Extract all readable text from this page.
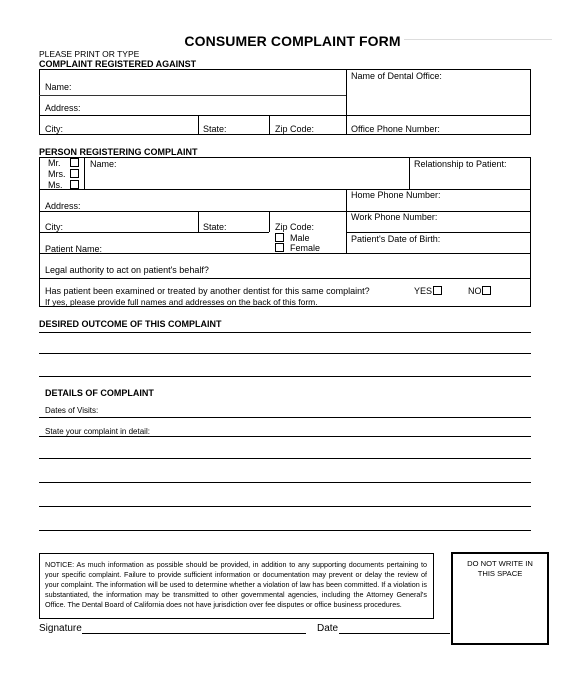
CONSUMER COMPLAINT FORM
PLEASE PRINT OR TYPE
COMPLAINT REGISTERED AGAINST
Name:
Address:
City:	State:	Zip Code:
Name of Dental Office:
Office Phone Number:
PERSON REGISTERING COMPLAINT
Mr.
Mrs.
Ms.
Name:	Relationship to Patient:
Home Phone Number:
Address:
Work Phone Number:
City:	State:	Zip Code:
Patient Name:
Male
Female
Patient's Date of Birth:
Legal authority to act on patient's behalf?
Has patient been examined or treated by another dentist for this same complaint?
If yes, please provide full names and addresses on the back of this form.
YES	NO
DESIRED OUTCOME OF THIS COMPLAINT
DETAILS OF COMPLAINT
Dates of Visits:
State your complaint in detail:
NOTICE: As much information as possible should be provided, in addition to any supporting documents pertaining to your specific complaint. Failure to provide sufficient information or documentation may prevent or delay the review of your complaint. The information will be used to determine whether a violation of law has been committed. If a violation is substantiated, the information may be transmitted to other governmental agencies, including the Attorney General's Office. The Dental Board of California does not have jurisdiction over fee disputes or office business procedures.
DO NOT WRITE IN THIS SPACE
Signature	Date
